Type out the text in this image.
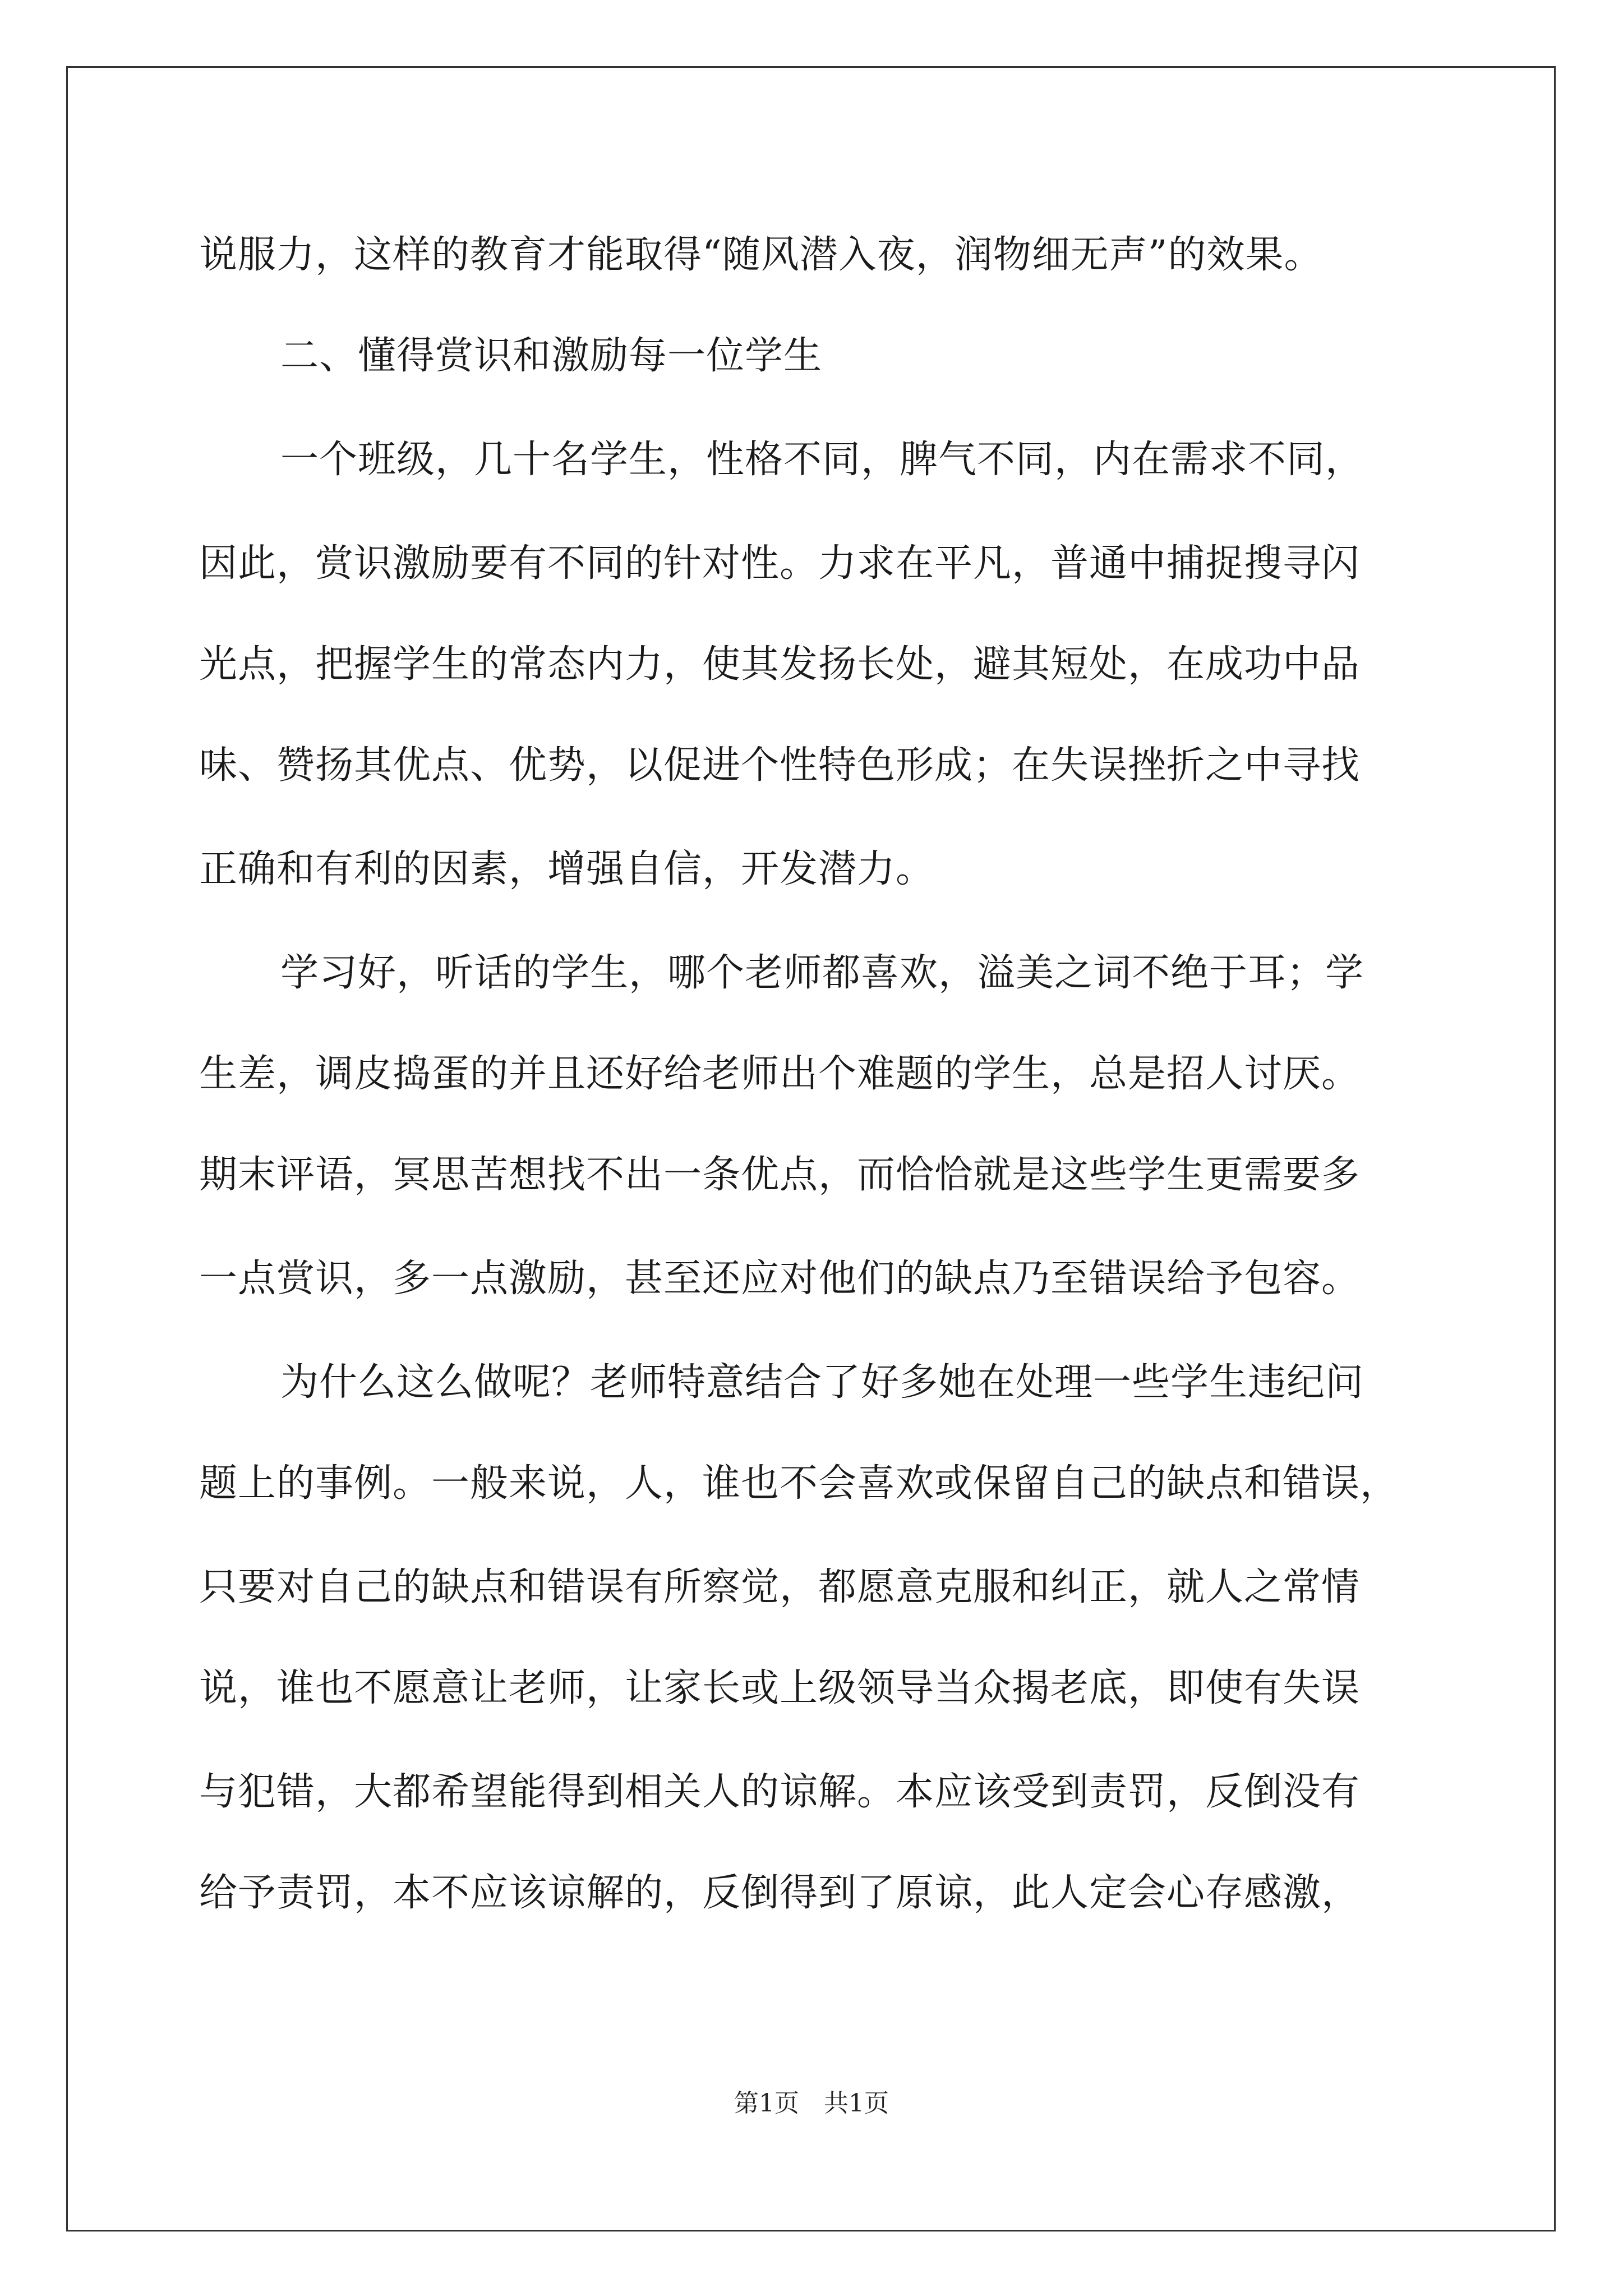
说服力，这样的教育才能取得“随风潜入夜，润物细无声”的效果。
二、懂得赏识和激励每一位学生
一个班级，几十名学生，性格不同，脾气不同，内在需求不同，
因此，赏识激励要有不同的针对性。力求在平凡，普通中捕捉搜寻闪
光点，把握学生的常态内力，使其发扬长处，避其短处，在成功中品
味、赞扬其优点、优势，以促进个性特色形成；在失误挫折之中寻找
正确和有利的因素，增强自信，开发潜力。
学习好，听话的学生，哪个老师都喜欢，溢美之词不绝于耳；学
生差，调皮捣蛋的并且还好给老师出个难题的学生，总是招人讨厌。
期末评语，冥思苦想找不出一条优点，而恰恰就是这些学生更需要多
一点赏识，多一点激励，甚至还应对他们的缺点乃至错误给予包容。
为什么这么做呢？老师特意结合了好多她在处理一些学生违纪问
题上的事例。一般来说，人，谁也不会喜欢或保留自己的缺点和错误，
只要对自己的缺点和错误有所察觉，都愿意克服和纠正，就人之常情
说，谁也不愿意让老师，让家长或上级领导当众揭老底，即使有失误
与犯错，大都希望能得到相关人的谅解。本应该受到责罚，反倒没有
给予责罚，本不应该谅解的，反倒得到了原谅，此人定会心存感激，
第1页　共1页
